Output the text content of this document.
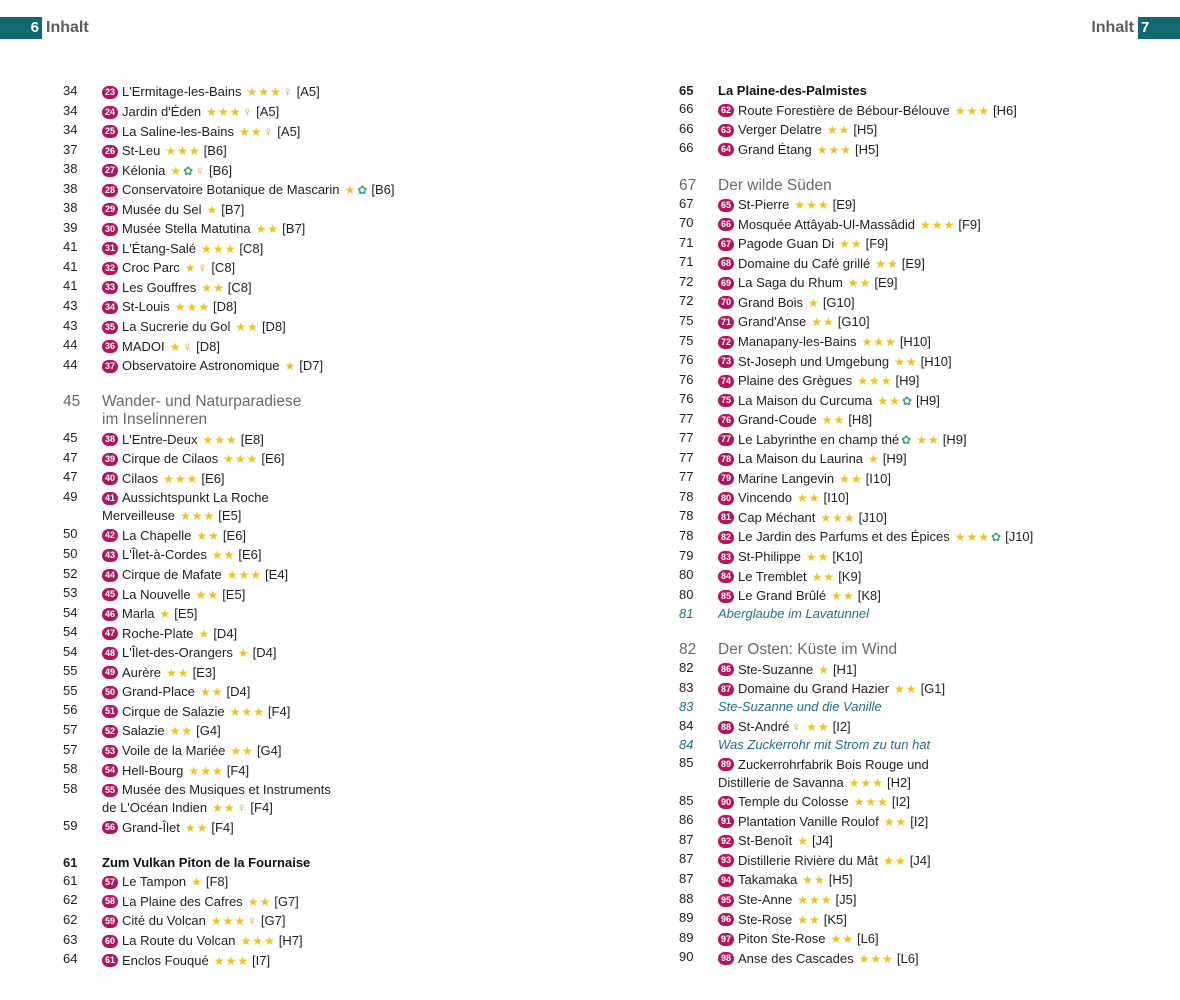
6 Inhalt	Inhalt 7
34	23 L'Ermitage-les-Bains ★ ★ ★ ♀ [A5]
34	24 Jardin d'Éden ★ ★ ★ ♀ [A5]
34	25 La Saline-les-Bains ★ ★ ♀ [A5]
37	26 St-Leu ★ ★ ★ [B6]
38	27 Kélonia ★ ✿ ♀ [B6]
38	28 Conservatoire Botanique de Mascarin ★ ✿ [B6]
38	29 Musée du Sel ★ [B7]
39	30 Musée Stella Matutina ★ ★ [B7]
41	31 L'Étang-Salé ★ ★ ★ [C8]
41	32 Croc Parc ★ ♀ [C8]
41	33 Les Gouffres ★ ★ [C8]
43	34 St-Louis ★ ★ ★ [D8]
43	35 La Sucrerie du Gol ★ ★ [D8]
44	36 MADOI ★ ♀ [D8]
44	37 Observatoire Astronomique ★ [D7]
45	Wander- und Naturparadiese
im Inselinneren
45	38 L'Entre-Deux ★ ★ ★ [E8]
47	39 Cirque de Cilaos ★ ★ ★ [E6]
47	40 Cilaos ★ ★ ★ [E6]
49	41 Aussichtspunkt La Roche
Merveilleuse ★ ★ ★ [E5]
50	42 La Chapelle ★ ★ [E6]
50	43 L'Îlet-à-Cordes ★ ★ [E6]
52	44 Cirque de Mafate ★ ★ ★ [E4]
53	45 La Nouvelle ★ ★ [E5]
54	46 Marla ★ [E5]
54	47 Roche-Plate ★ [D4]
54	48 L'Îlet-des-Orangers ★ [D4]
55	49 Aurère ★ ★ [E3]
55	50 Grand-Place ★ ★ [D4]
56	51 Cirque de Salazie ★ ★ ★ [F4]
57	52 Salazie ★ ★ [G4]
57	53 Voile de la Mariée ★ ★ [G4]
58	54 Hell-Bourg ★ ★ ★ [F4]
58	55 Musée des Musiques et Instruments
de L'Océan Indien ★ ★ ♀ [F4]
59	56 Grand-Îlet ★ ★ [F4]
61	Zum Vulkan Piton de la Fournaise
61	57 Le Tampon ★ [F8]
62	58 La Plaine des Cafres ★ ★ [G7]
62	59 Cité du Volcan ★ ★ ★ ♀ [G7]
63	60 La Route du Volcan ★ ★ ★ [H7]
64	61 Enclos Fouqué ★ ★ ★ [I7]
65	La Plaine-des-Palmistes
66	62 Route Forestière de Bébour-Bélouve ★ ★ ★ [H6]
66	63 Verger Delatre ★ ★ [H5]
66	64 Grand Étang ★ ★ ★ [H5]
67	Der wilde Süden
67	65 St-Pierre ★ ★ ★ [E9]
70	66 Mosquée Attâyab-Ul-Massâdid ★ ★ ★ [F9]
71	67 Pagode Guan Di ★ ★ [F9]
71	68 Domaine du Café grillé ★ ★ [E9]
72	69 La Saga du Rhum ★ ★ [E9]
72	70 Grand Bois ★ [G10]
75	71 Grand'Anse ★ ★ [G10]
75	72 Manapany-les-Bains ★ ★ ★ [H10]
76	73 St-Joseph und Umgebung ★ ★ [H10]
76	74 Plaine des Grègues ★ ★ ★ [H9]
76	75 La Maison du Curcuma ★ ★ ✿ [H9]
77	76 Grand-Coude ★ ★ [H8]
77	77 Le Labyrinthe en champ thé ✿ ★ ★ [H9]
77	78 La Maison du Laurina ★ [H9]
77	79 Marine Langevin ★ ★ [I10]
78	80 Vincendo ★ ★ [I10]
78	81 Cap Méchant ★ ★ ★ [J10]
78	82 Le Jardin des Parfums et des Épices ★ ★ ★ ✿ [J10]
79	83 St-Philippe ★ ★ [K10]
80	84 Le Tremblet ★ ★ [K9]
80	85 Le Grand Brûlé ★ ★ [K8]
81	Aberglaube im Lavatunnel
82	Der Osten: Küste im Wind
82	86 Ste-Suzanne ★ [H1]
83	87 Domaine du Grand Hazier ★ ★ [G1]
83	Ste-Suzanne und die Vanille
84	88 St-André ♀ ★ ★ [I2]
84	Was Zuckerrohr mit Strom zu tun hat
85	89 Zuckerrohrfabrik Bois Rouge und
Distillerie de Savanna ★ ★ ★ [H2]
85	90 Temple du Colosse ★ ★ ★ [I2]
86	91 Plantation Vanille Roulof ★ ★ [I2]
87	92 St-Benoît ★ [J4]
87	93 Distillerie Rivière du Mât ★ ★ [J4]
87	94 Takamaka ★ ★ [H5]
88	95 Ste-Anne ★ ★ ★ [J5]
89	96 Ste-Rose ★ ★ [K5]
89	97 Piton Ste-Rose ★ ★ [L6]
90	98 Anse des Cascades ★ ★ ★ [L6]
